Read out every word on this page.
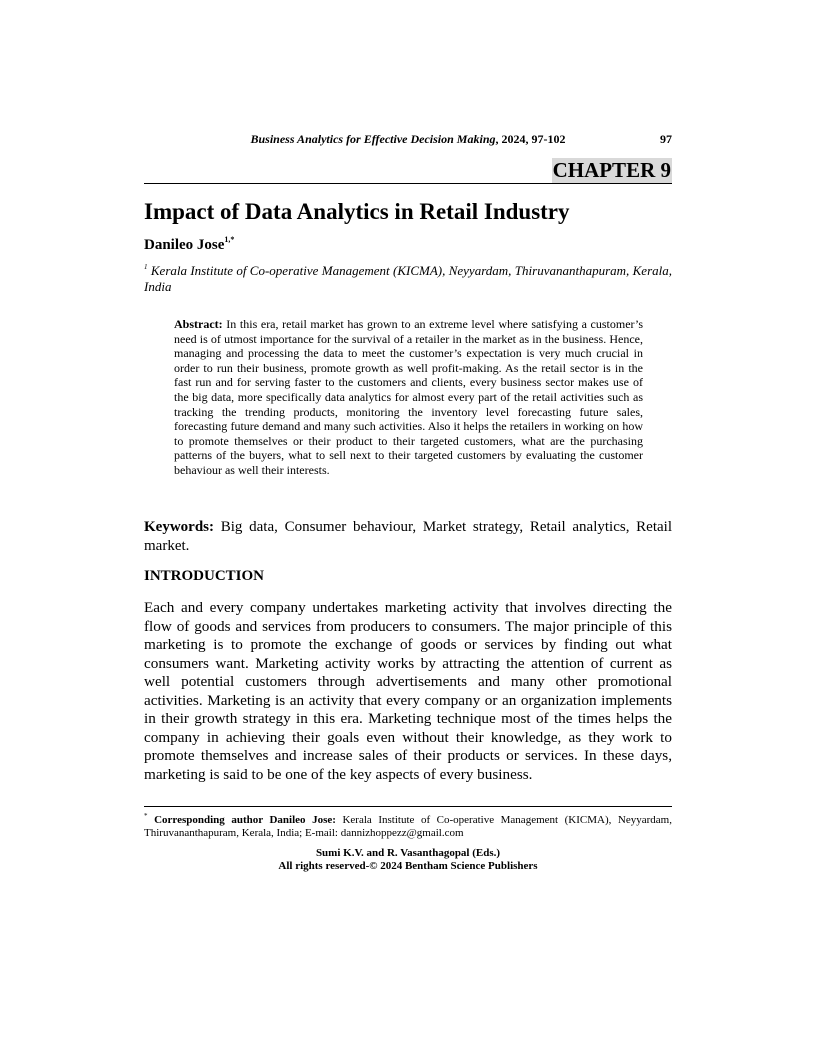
Business Analytics for Effective Decision Making, 2024, 97-102	97
CHAPTER 9
Impact of Data Analytics in Retail Industry
Danileo Jose$^{1,*}$
$^1$ Kerala Institute of Co-operative Management (KICMA), Neyyardam, Thiruvananthapuram, Kerala, India
Abstract: In this era, retail market has grown to an extreme level where satisfying a customer’s need is of utmost importance for the survival of a retailer in the market as in the business. Hence, managing and processing the data to meet the customer’s expectation is very much crucial in order to run their business, promote growth as well profit-making. As the retail sector is in the fast run and for serving faster to the customers and clients, every business sector makes use of the big data, more specifically data analytics for almost every part of the retail activities such as tracking the trending products, monitoring the inventory level forecasting future sales, forecasting future demand and many such activities. Also it helps the retailers in working on how to promote themselves or their product to their targeted customers, what are the purchasing patterns of the buyers, what to sell next to their targeted customers by evaluating the customer behaviour as well their interests.
Keywords: Big data, Consumer behaviour, Market strategy, Retail analytics, Retail market.
INTRODUCTION

Each and every company undertakes marketing activity that involves directing the flow of goods and services from producers to consumers. The major principle of this marketing is to promote the exchange of goods or services by finding out what consumers want. Marketing activity works by attracting the attention of current as well potential customers through advertisements and many other promotional activities. Marketing is an activity that every company or an organization implements in their growth strategy in this era. Marketing technique most of the times helps the company in achieving their goals even without their knowledge, as they work to promote themselves and increase sales of their products or services. In these days, marketing is said to be one of the key aspects of every business.

* Corresponding author Danileo Jose: Kerala Institute of Co-operative Management (KICMA), Neyyardam, Thiruvananthapuram, Kerala, India; E-mail: dannizhoppezz@gmail.com
Sumi K.V. and R. Vasanthagopal (Eds.)
All rights reserved-© 2024 Bentham Science Publishers
